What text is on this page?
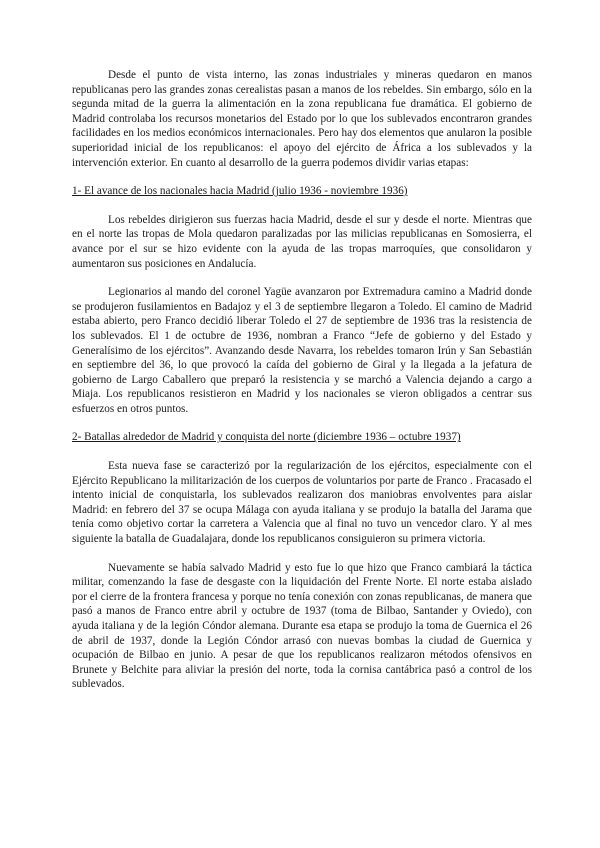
Desde el punto de vista interno, las zonas industriales y mineras quedaron en manos republicanas pero las grandes zonas cerealistas pasan a manos de los rebeldes. Sin embargo, sólo en la segunda mitad de la guerra la alimentación en la zona republicana fue dramática. El gobierno de Madrid controlaba los recursos monetarios del Estado por lo que los sublevados encontraron grandes facilidades en los medios económicos internacionales. Pero hay dos elementos que anularon la posible superioridad inicial de los republicanos: el apoyo del ejército de África a los sublevados y la intervención exterior. En cuanto al desarrollo de la guerra podemos dividir varias etapas:

1- El avance de los nacionales hacia Madrid (julio 1936 - noviembre 1936)

Los rebeldes dirigieron sus fuerzas hacia Madrid, desde el sur y desde el norte. Mientras que en el norte las tropas de Mola quedaron paralizadas por las milicias republicanas en Somosierra, el avance por el sur se hizo evidente con la ayuda de las tropas marroquíes, que consolidaron y aumentaron sus posiciones en Andalucía.

Legionarios al mando del coronel Yagüe avanzaron por Extremadura camino a Madrid donde se produjeron fusilamientos en Badajoz y el 3 de septiembre llegaron a Toledo. El camino de Madrid estaba abierto, pero Franco decidió liberar Toledo el 27 de septiembre de 1936 tras la resistencia de los sublevados. El 1 de octubre de 1936, nombran a Franco “Jefe de gobierno y del Estado y Generalísimo de los ejércitos”. Avanzando desde Navarra, los rebeldes tomaron Irún y San Sebastián en septiembre del 36, lo que provocó la caída del gobierno de Giral y la llegada a la jefatura de gobierno de Largo Caballero que preparó la resistencia y se marchó a Valencia dejando a cargo a Miaja. Los republicanos resistieron en Madrid y los nacionales se vieron obligados a centrar sus esfuerzos en otros puntos.

2- Batallas alrededor de Madrid y conquista del norte (diciembre 1936 – octubre 1937)

Esta nueva fase se caracterizó por la regularización de los ejércitos, especialmente con el Ejército Republicano la militarización de los cuerpos de voluntarios por parte de Franco . Fracasado el intento inicial de conquistarla, los sublevados realizaron dos maniobras envolventes para aislar Madrid: en febrero del 37 se ocupa Málaga con ayuda italiana y se produjo la batalla del Jarama que tenía como objetivo cortar la carretera a Valencia que al final no tuvo un vencedor claro. Y al mes siguiente la batalla de Guadalajara, donde los republicanos consiguieron su primera victoria.

Nuevamente se había salvado Madrid y esto fue lo que hizo que Franco cambiará la táctica militar, comenzando la fase de desgaste con la liquidación del Frente Norte. El norte estaba aislado por el cierre de la frontera francesa y porque no tenía conexión con zonas republicanas, de manera que pasó a manos de Franco entre abril y octubre de 1937 (toma de Bilbao, Santander y Oviedo), con ayuda italiana y de la legión Cóndor alemana. Durante esa etapa se produjo la toma de Guernica el 26 de abril de 1937, donde la Legión Cóndor arrasó con nuevas bombas la ciudad de Guernica y ocupación de Bilbao en junio. A pesar de que los republicanos realizaron métodos ofensivos en Brunete y Belchite para aliviar la presión del norte, toda la cornisa cantábrica pasó a control de los sublevados.
